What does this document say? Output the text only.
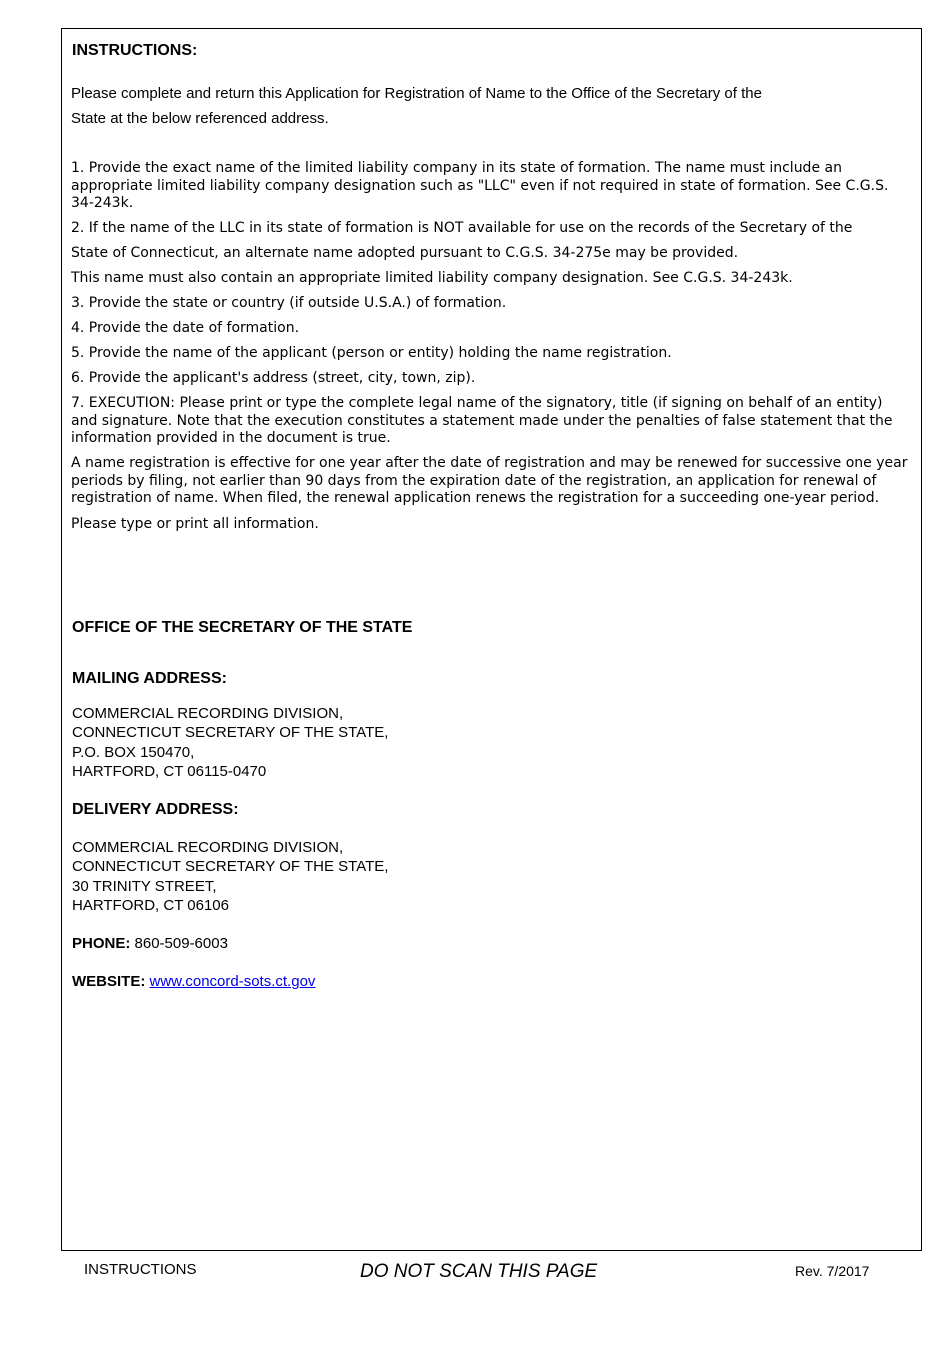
INSTRUCTIONS:
Please complete and return this Application for Registration of Name to the Office of the Secretary of the
State at the below referenced address.
1. Provide the exact name of the limited liability company in its state of formation. The name must include an appropriate limited liability company designation such as "LLC" even if not required in state of formation. See C.G.S. 34-243k.
2. If the name of the LLC in its state of formation is NOT available for use on the records of the Secretary of the
State of Connecticut, an alternate name adopted pursuant to C.G.S. 34-275e may be provided.
This name must also contain an appropriate limited liability company designation. See C.G.S. 34-243k.
3. Provide the state or country (if outside U.S.A.) of formation.
4. Provide the date of formation.
5. Provide the name of the applicant (person or entity) holding the name registration.
6. Provide the applicant's address (street, city, town, zip).
7. EXECUTION: Please print or type the complete legal name of the signatory, title (if signing on behalf of an entity) and signature. Note that the execution constitutes a statement made under the penalties of false statement that the information provided in the document is true.
A name registration is effective for one year after the date of registration and may be renewed for successive one year periods by filing, not earlier than 90 days from the expiration date of the registration, an application for renewal of registration of name. When filed, the renewal application renews the registration for a succeeding one-year period.
Please type or print all information.
OFFICE OF THE SECRETARY OF THE STATE
MAILING ADDRESS:
COMMERCIAL RECORDING DIVISION,
CONNECTICUT SECRETARY OF THE STATE,
P.O. BOX 150470,
HARTFORD, CT 06115-0470
DELIVERY ADDRESS:
COMMERCIAL RECORDING DIVISION,
CONNECTICUT SECRETARY OF THE STATE,
30 TRINITY STREET,
HARTFORD, CT 06106
PHONE: 860-509-6003
WEBSITE: www.concord-sots.ct.gov
INSTRUCTIONS	DO NOT SCAN THIS PAGE	Rev. 7/2017
